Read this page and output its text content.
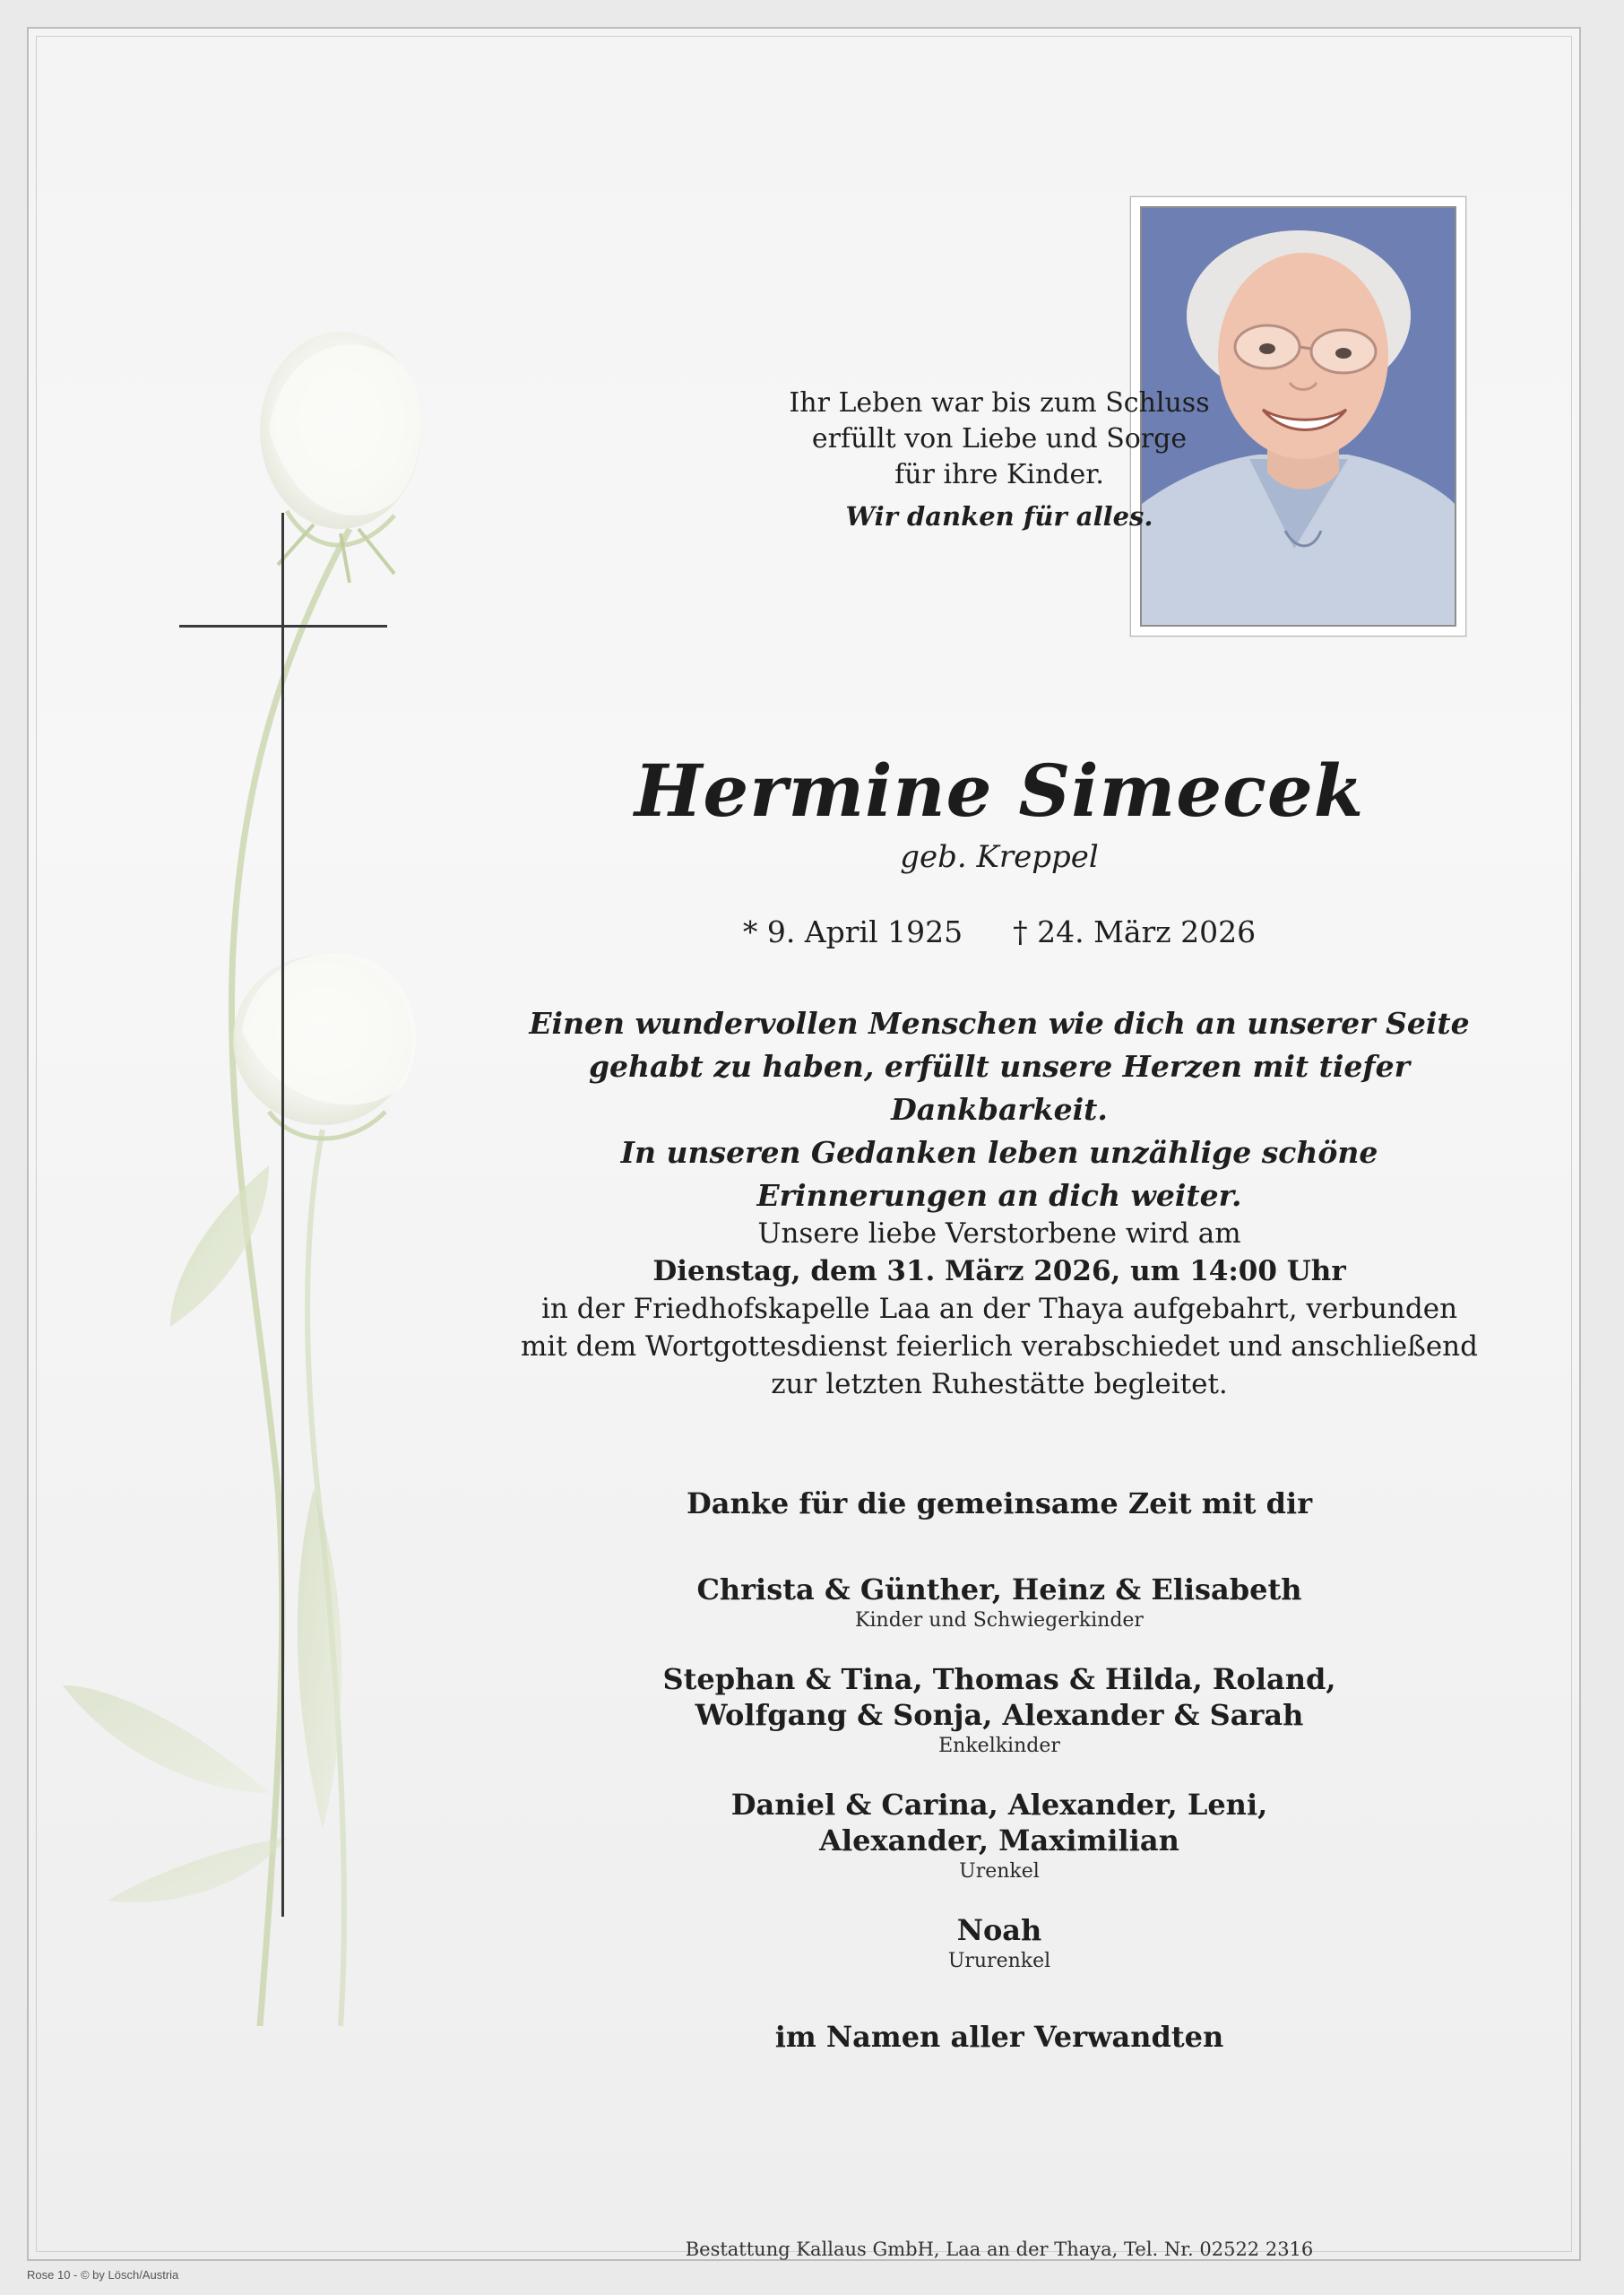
Ihr Leben war bis zum Schluss
erfüllt von Liebe und Sorge
für ihre Kinder.
Wir danken für alles.
Hermine Simecek
geb. Kreppel
* 9. April 1925 † 24. März 2026
Einen wundervollen Menschen wie dich an unserer Seite
gehabt zu haben, erfüllt unsere Herzen mit tiefer Dankbarkeit.
In unseren Gedanken leben unzählige schöne
Erinnerungen an dich weiter.
Unsere liebe Verstorbene wird am
Dienstag, dem 31. März 2026, um 14:00 Uhr
in der Friedhofskapelle Laa an der Thaya aufgebahrt, verbunden
mit dem Wortgottesdienst feierlich verabschiedet und anschließend
zur letzten Ruhestätte begleitet.
Danke für die gemeinsame Zeit mit dir
Christa & Günther, Heinz & Elisabeth
Kinder und Schwiegerkinder
Stephan & Tina, Thomas & Hilda, Roland,
Wolfgang & Sonja, Alexander & Sarah
Enkelkinder
Daniel & Carina, Alexander, Leni,
Alexander, Maximilian
Urenkel
Noah
Ururenkel
im Namen aller Verwandten
Bestattung Kallaus GmbH, Laa an der Thaya, Tel. Nr. 02522 2316
Rose 10 - © by Lösch/Austria
